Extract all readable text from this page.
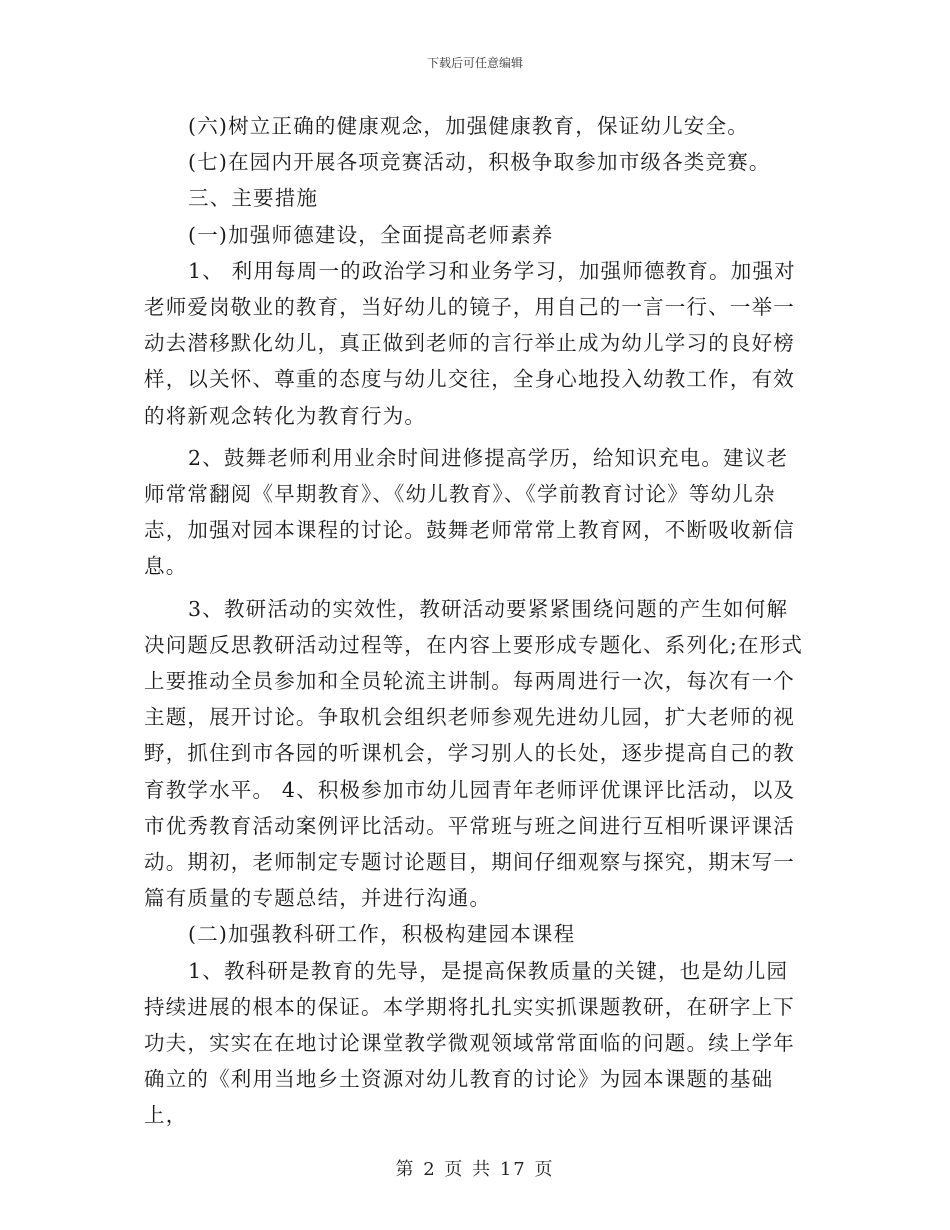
下载后可任意编辑

(六)树立正确的健康观念，加强健康教育，保证幼儿安全。

(七)在园内开展各项竞赛活动，积极争取参加市级各类竞赛。

三、主要措施

(一)加强师德建设，全面提高老师素养

1、 利用每周一的政治学习和业务学习，加强师德教育。加强对老师爱岗敬业的教育，当好幼儿的镜子，用自己的一言一行、一举一动去潜移默化幼儿，真正做到老师的言行举止成为幼儿学习的良好榜样，以关怀、尊重的态度与幼儿交往，全身心地投入幼教工作，有效的将新观念转化为教育行为。

2、鼓舞老师利用业余时间进修提高学历，给知识充电。建议老师常常翻阅《早期教育》、《幼儿教育》、《学前教育讨论》等幼儿杂志，加强对园本课程的讨论。鼓舞老师常常上教育网，不断吸收新信息。

3、教研活动的实效性，教研活动要紧紧围绕问题的产生如何解决问题反思教研活动过程等，在内容上要形成专题化、系列化;在形式上要推动全员参加和全员轮流主讲制。每两周进行一次，每次有一个主题，展开讨论。争取机会组织老师参观先进幼儿园，扩大老师的视野，抓住到市各园的听课机会，学习别人的长处，逐步提高自己的教育教学水平。 4、积极参加市幼儿园青年老师评优课评比活动，以及市优秀教育活动案例评比活动。平常班与班之间进行互相听课评课活动。期初，老师制定专题讨论题目，期间仔细观察与探究，期末写一篇有质量的专题总结，并进行沟通。

(二)加强教科研工作，积极构建园本课程

1、教科研是教育的先导，是提高保教质量的关键，也是幼儿园持续进展的根本的保证。本学期将扎扎实实抓课题教研，在研字上下功夫，实实在在地讨论课堂教学微观领域常常面临的问题。续上学年确立的《利用当地乡土资源对幼儿教育的讨论》为园本课题的基础上，

第 2 页 共 17 页
